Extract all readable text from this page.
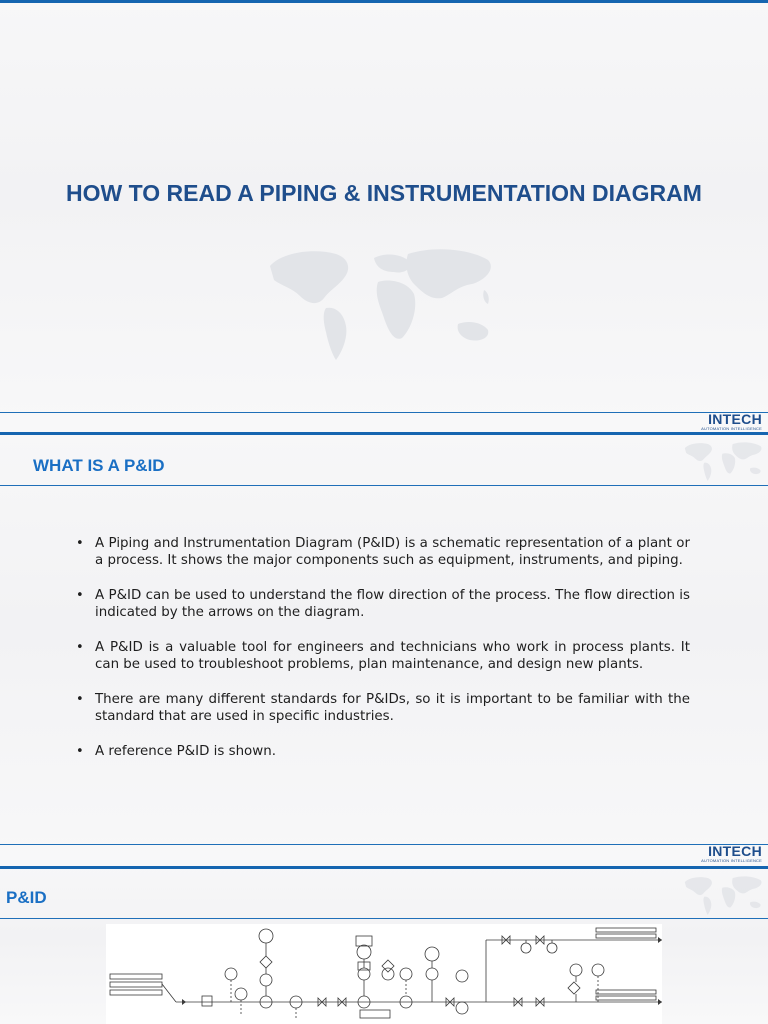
HOW TO READ A PIPING & INSTRUMENTATION DIAGRAM
INTECH
AUTOMATION INTELLIGENCE
WHAT IS A P&ID
• A Piping and Instrumentation Diagram (P&ID) is a schematic representation of a plant or a process. It shows the major components such as equipment, instruments, and piping.
• A P&ID can be used to understand the flow direction of the process. The flow direction is indicated by the arrows on the diagram.
• A P&ID is a valuable tool for engineers and technicians who work in process plants. It can be used to troubleshoot problems, plan maintenance, and design new plants.
• There are many different standards for P&IDs, so it is important to be familiar with the standard that are used in specific industries.
• A reference P&ID is shown.
INTECH
AUTOMATION INTELLIGENCE
P&ID
